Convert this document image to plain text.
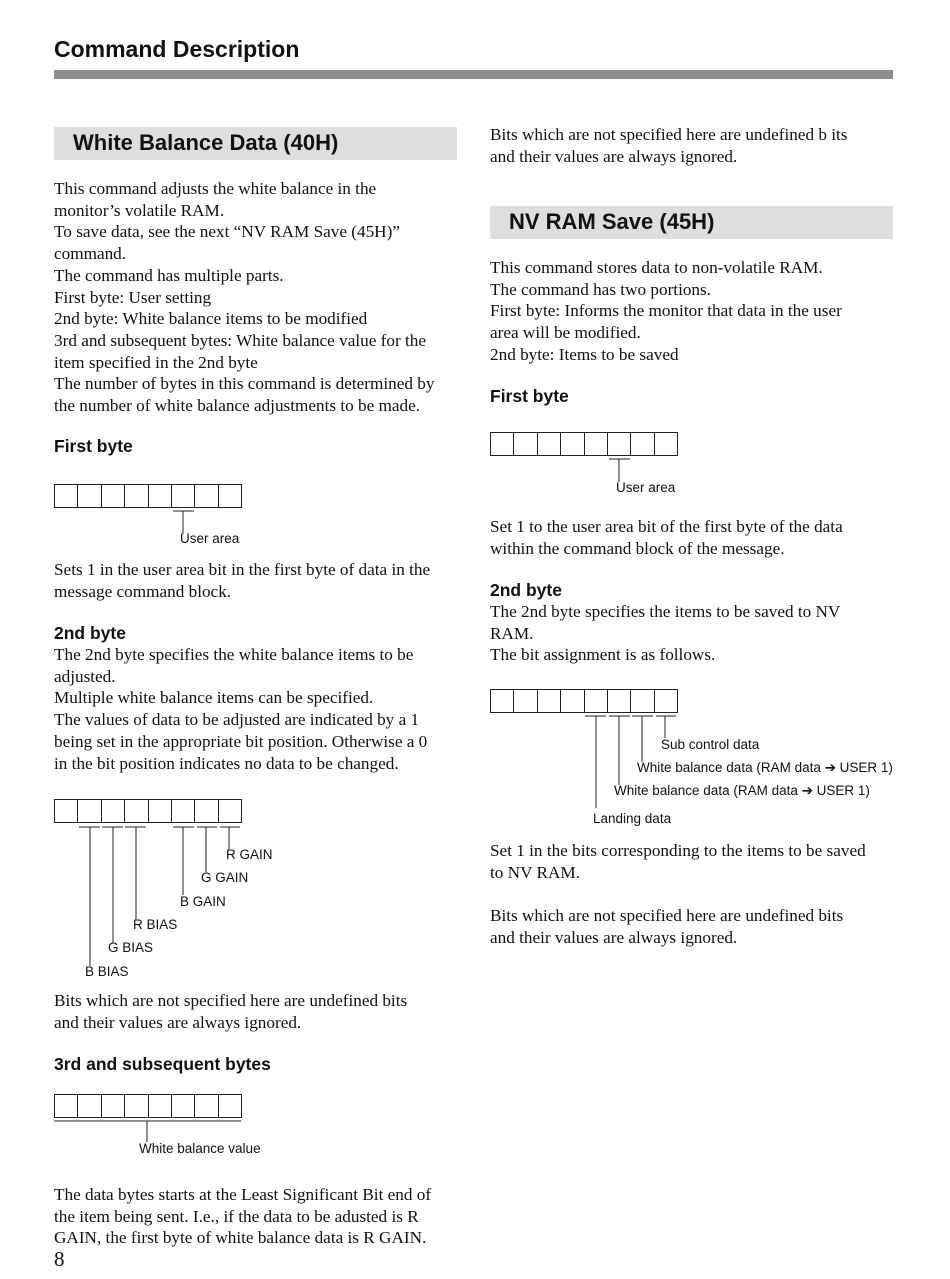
Command Description
White Balance Data (40H)
This command adjusts the white balance in the
monitor’s volatile RAM.
To save data, see the next “NV RAM Save (45H)”
command.
The command has multiple parts.
First byte: User setting
2nd byte: White balance items to be modified
3rd and subsequent bytes: White balance value for the
item specified in the 2nd byte
The number of bytes in this command is determined by
the number of white balance adjustments to be made.
First byte
User area
Sets 1 in the user area bit in the first byte of data in the
message command block.
2nd byte
The 2nd byte specifies the white balance items to be
adjusted.
Multiple white balance items can be specified.
The values of data to be adjusted are indicated by a 1
being set in the appropriate bit position. Otherwise a 0
in the bit position indicates no data to be changed.
R GAIN
G GAIN
B GAIN
R BIAS
G BIAS
B BIAS
Bits which are not specified here are undefined bits
and their values are always ignored.
3rd and subsequent bytes
White balance value
The data bytes starts at the Least Significant Bit end of
the item being sent. I.e., if the data to be adusted is R
GAIN, the first byte of white balance data is R GAIN.
Bits which are not specified here are undefined b its
and their values are always ignored.
NV RAM Save (45H)
This command stores data to non-volatile RAM.
The command has two portions.
First byte: Informs the monitor that data in the user
area will be modified.
2nd byte: Items to be saved
First byte
User area
Set 1 to the user area bit of the first byte of the data
within the command block of the message.
2nd byte
The 2nd byte specifies the items to be saved to NV
RAM.
The bit assignment is as follows.
Sub control data
White balance data (RAM data ➔ USER 1)
White balance data (RAM data ➔ USER 1)
Landing data
Set 1 in the bits corresponding to the items to be saved
to NV RAM.
Bits which are not specified here are undefined bits
and their values are always ignored.
8
